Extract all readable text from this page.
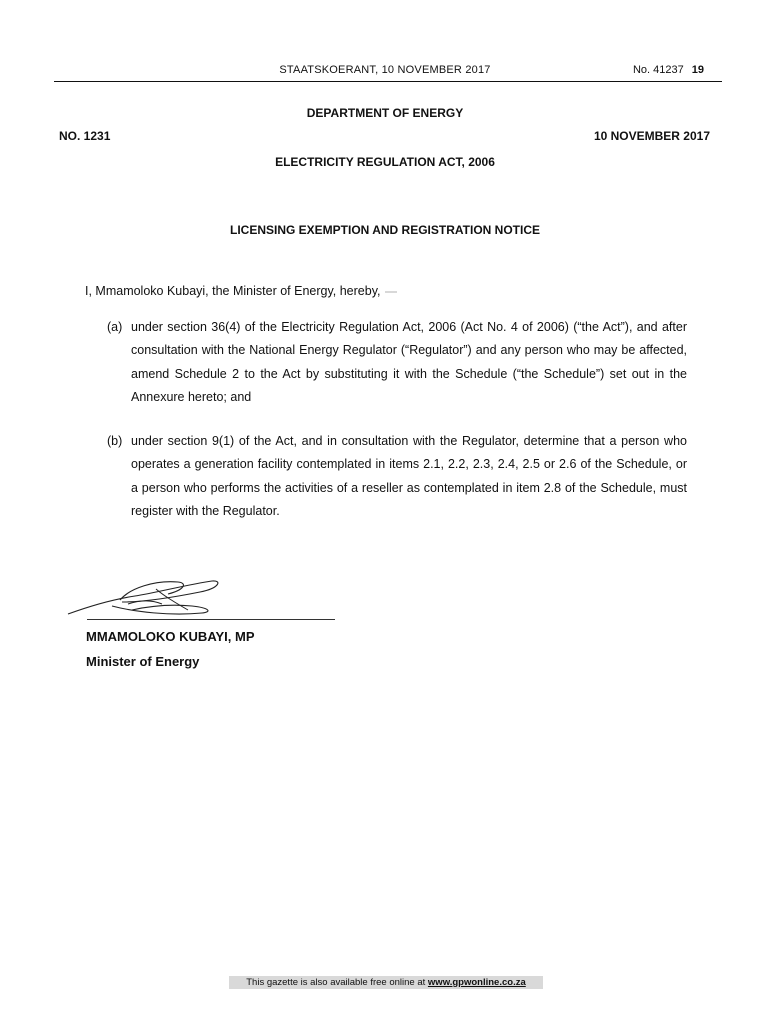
STAATSKOERANT, 10 NOVEMBER 2017	No. 41237 19
DEPARTMENT OF ENERGY
NO. 1231	10 NOVEMBER 2017
ELECTRICITY REGULATION ACT, 2006
LICENSING EXEMPTION AND REGISTRATION NOTICE
I, Mmamoloko Kubayi, the Minister of Energy, hereby,
(a) under section 36(4) of the Electricity Regulation Act, 2006 (Act No. 4 of 2006) (“the Act”), and after consultation with the National Energy Regulator (“Regulator”) and any person who may be affected, amend Schedule 2 to the Act by substituting it with the Schedule (“the Schedule”) set out in the Annexure hereto; and
(b) under section 9(1) of the Act, and in consultation with the Regulator, determine that a person who operates a generation facility contemplated in items 2.1, 2.2, 2.3, 2.4, 2.5 or 2.6 of the Schedule, or a person who performs the activities of a reseller as contemplated in item 2.8 of the Schedule, must register with the Regulator.
MMAMOLOKO KUBAYI, MP
Minister of Energy
This gazette is also available free online at www.gpwonline.co.za
